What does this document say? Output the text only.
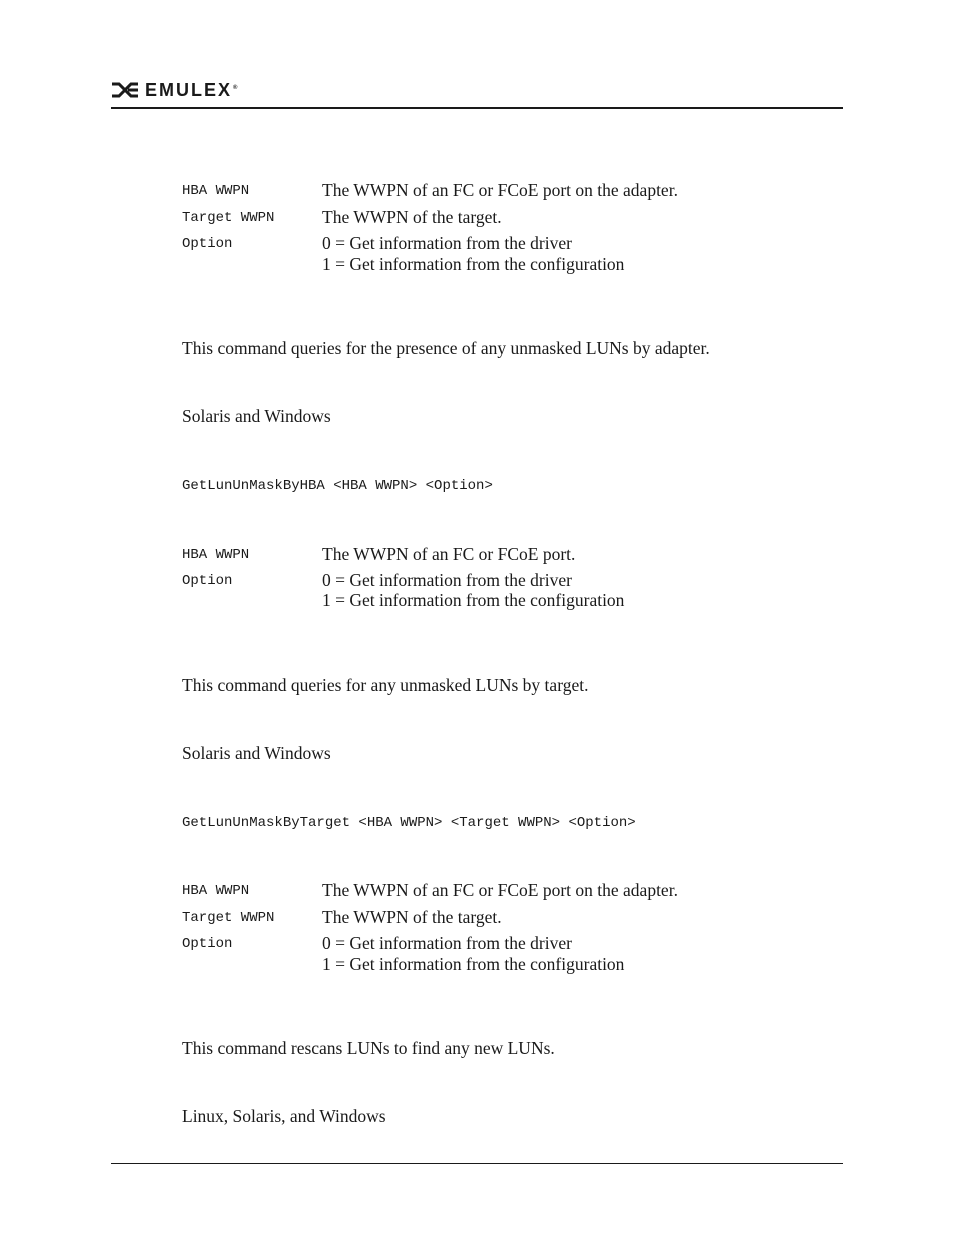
EMULEX®
HBA WWPN	The WWPN of an FC or FCoE port on the adapter.
Target WWPN	The WWPN of the target.
Option	0 = Get information from the driver
1 = Get information from the configuration
This command queries for the presence of any unmasked LUNs by adapter.
Solaris and Windows
GetLunUnMaskByHBA <HBA WWPN> <Option>
HBA WWPN	The WWPN of an FC or FCoE port.
Option	0 = Get information from the driver
1 = Get information from the configuration
This command queries for any unmasked LUNs by target.
Solaris and Windows
GetLunUnMaskByTarget <HBA WWPN> <Target WWPN> <Option>
HBA WWPN	The WWPN of an FC or FCoE port on the adapter.
Target WWPN	The WWPN of the target.
Option	0 = Get information from the driver
1 = Get information from the configuration
This command rescans LUNs to find any new LUNs.
Linux, Solaris, and Windows
